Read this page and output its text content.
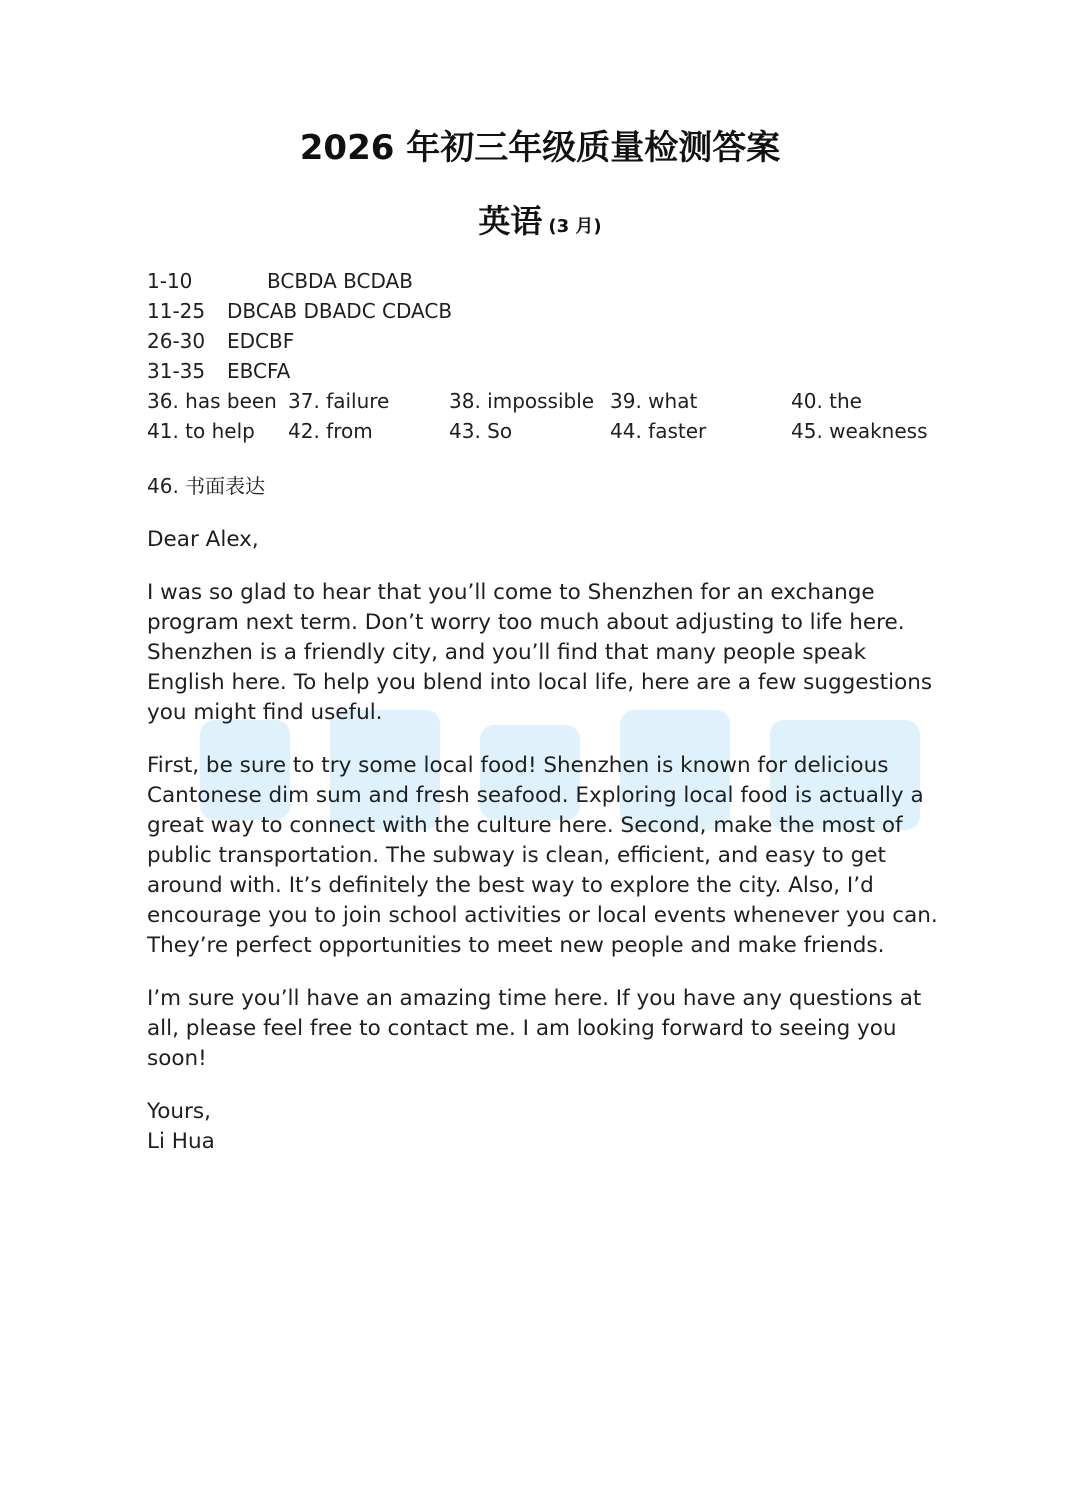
2026 年初三年级质量检测答案
英语 (3 月)
1-10	BCBDA BCDAB
11-25 DBCAB DBADC CDACB
26-30 EDCBF
31-35 EBCFA
36. has been 37. failure	38. impossible 39. what	40. the
41. to help 42. from	43. So	44. faster	45. weakness
46. 书面表达

Dear Alex,

I was so glad to hear that you’ll come to Shenzhen for an exchange program next term. Don’t worry too much about adjusting to life here. Shenzhen is a friendly city, and you’ll find that many people speak English here. To help you blend into local life, here are a few suggestions you might find useful.

First, be sure to try some local food! Shenzhen is known for delicious Cantonese dim sum and fresh seafood. Exploring local food is actually a great way to connect with the culture here. Second, make the most of public transportation. The subway is clean, efficient, and easy to get around with. It’s definitely the best way to explore the city. Also, I’d encourage you to join school activities or local events whenever you can. They’re perfect opportunities to meet new people and make friends.

I’m sure you’ll have an amazing time here. If you have any questions at all, please feel free to contact me. I am looking forward to seeing you soon!

Yours,

Li Hua
